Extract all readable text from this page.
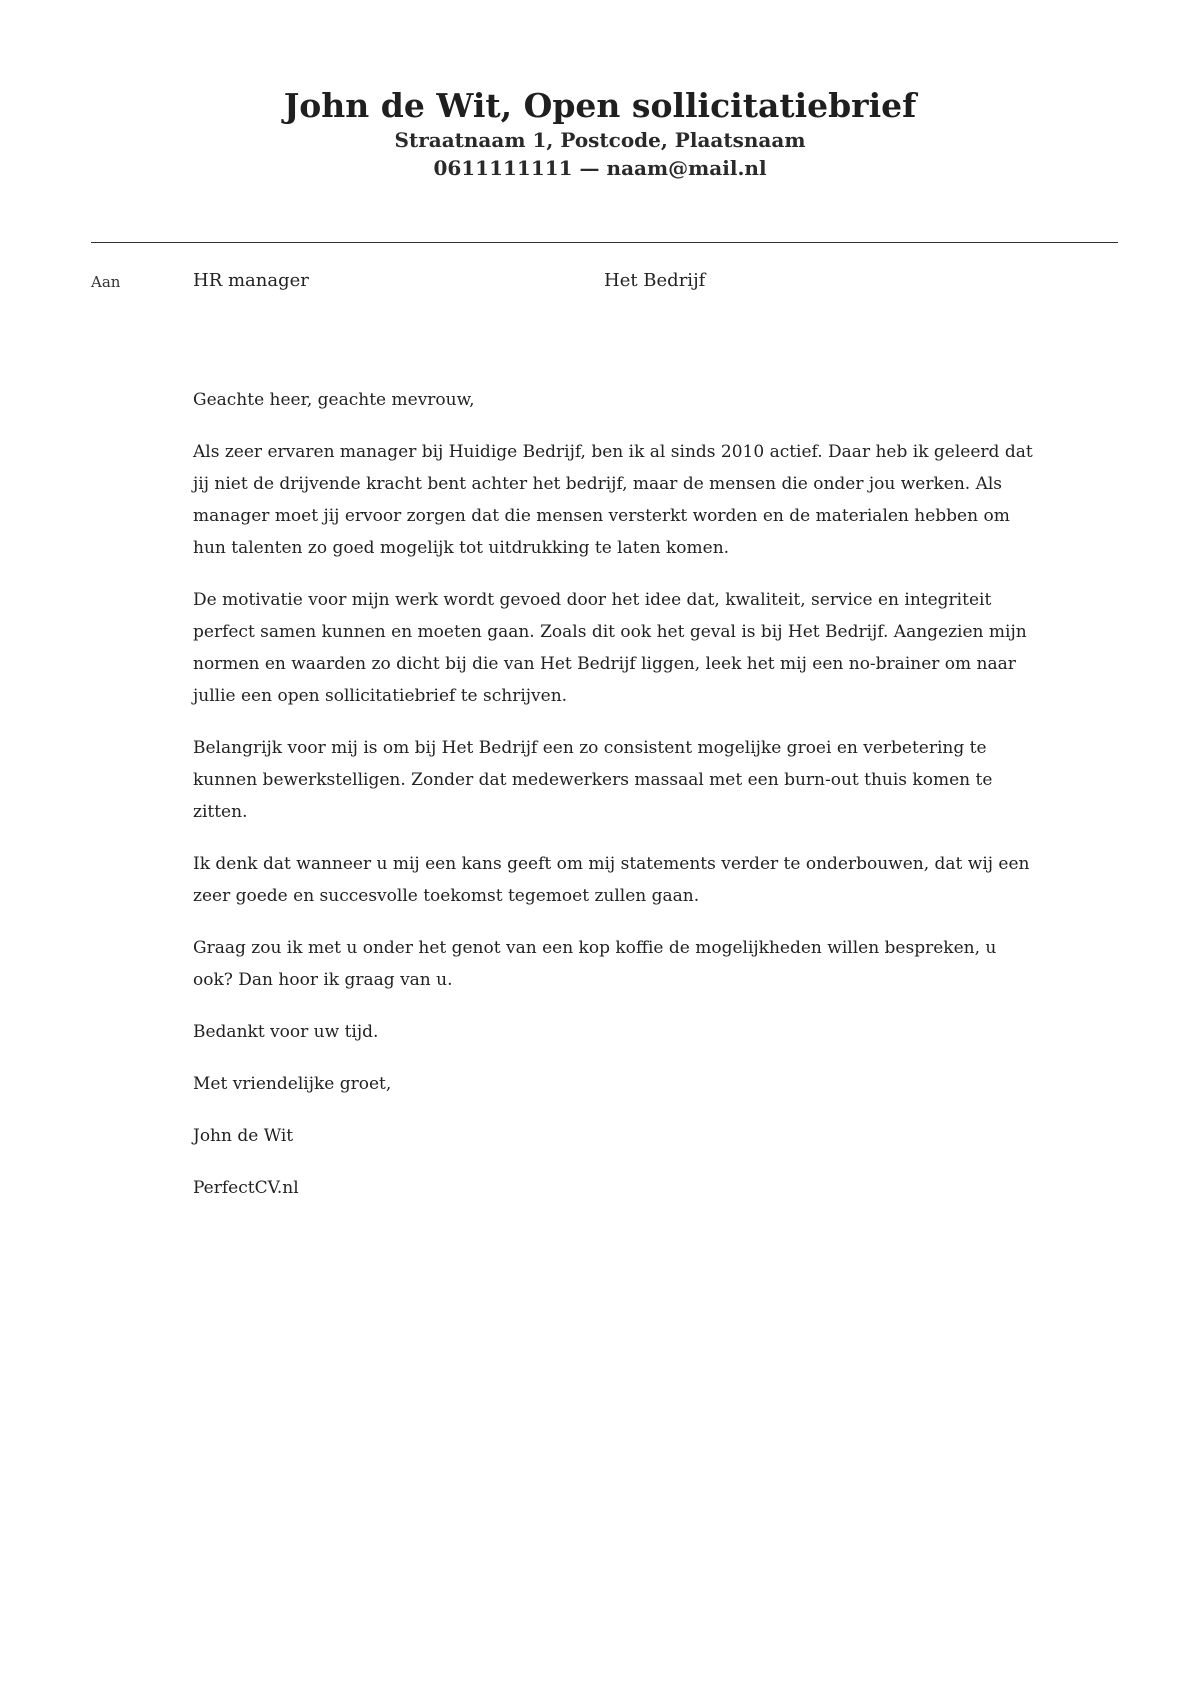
John de Wit, Open sollicitatiebrief

Straatnaam 1, Postcode, Plaatsnaam

0611111111 — naam@mail.nl

Aan	HR manager	Het Bedrijf

Geachte heer, geachte mevrouw,

Als zeer ervaren manager bij Huidige Bedrijf, ben ik al sinds 2010 actief. Daar heb ik geleerd dat jij niet de drijvende kracht bent achter het bedrijf, maar de mensen die onder jou werken. Als manager moet jij ervoor zorgen dat die mensen versterkt worden en de materialen hebben om hun talenten zo goed mogelijk tot uitdrukking te laten komen.

De motivatie voor mijn werk wordt gevoed door het idee dat, kwaliteit, service en integriteit perfect samen kunnen en moeten gaan. Zoals dit ook het geval is bij Het Bedrijf. Aangezien mijn normen en waarden zo dicht bij die van Het Bedrijf liggen, leek het mij een no-brainer om naar jullie een open sollicitatiebrief te schrijven.

Belangrijk voor mij is om bij Het Bedrijf een zo consistent mogelijke groei en verbetering te kunnen bewerkstelligen. Zonder dat medewerkers massaal met een burn-out thuis komen te zitten.

Ik denk dat wanneer u mij een kans geeft om mij statements verder te onderbouwen, dat wij een zeer goede en succesvolle toekomst tegemoet zullen gaan.

Graag zou ik met u onder het genot van een kop koffie de mogelijkheden willen bespreken, u ook? Dan hoor ik graag van u.

Bedankt voor uw tijd.

Met vriendelijke groet,

John de Wit

PerfectCV.nl
